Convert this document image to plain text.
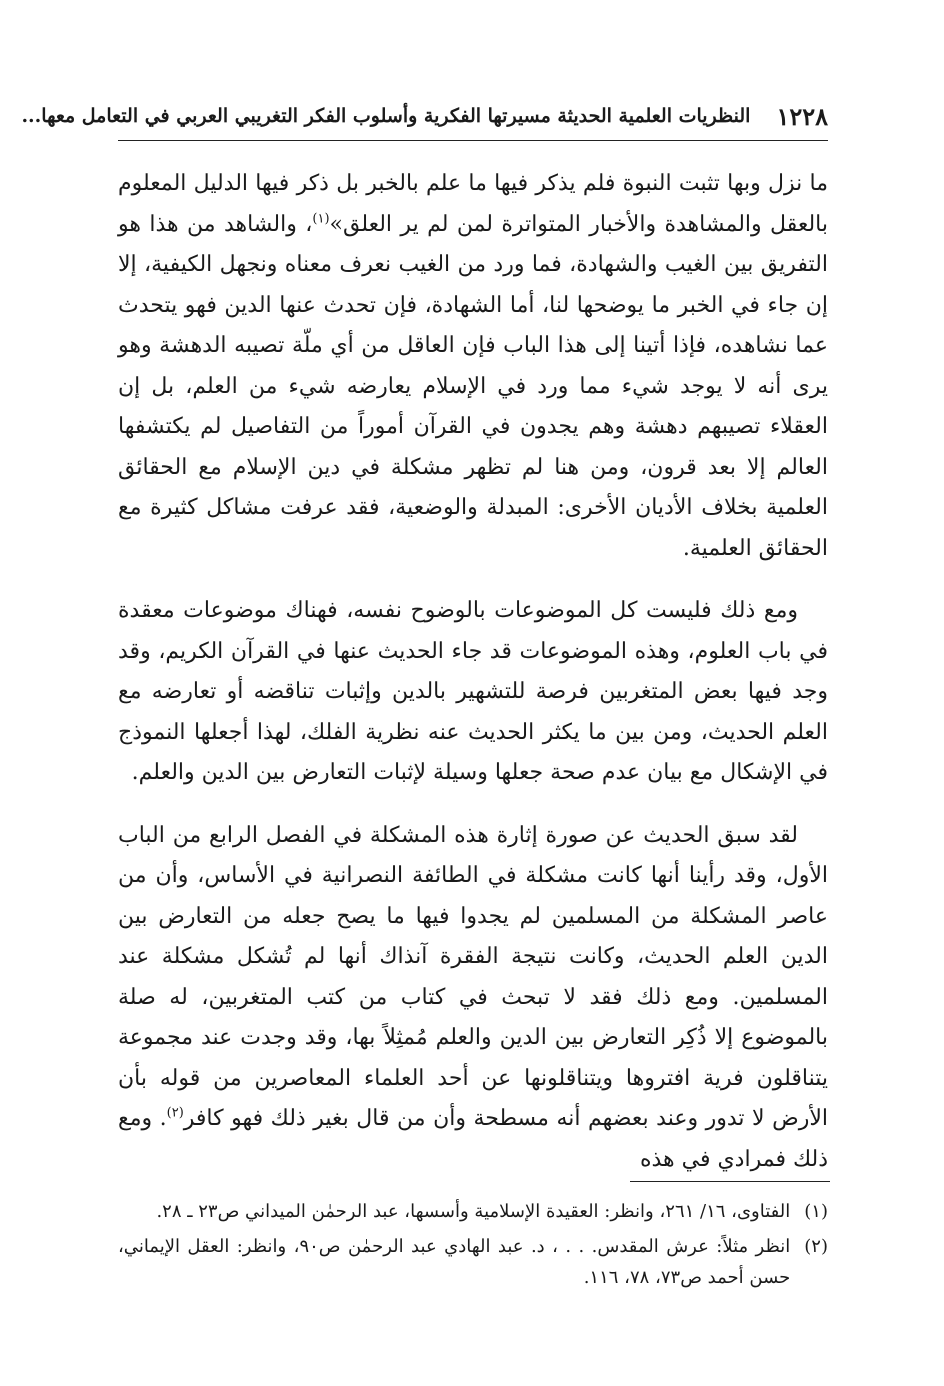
١٢٢٨
النظريات العلمية الحديثة مسيرتها الفكرية وأسلوب الفكر التغريبي العربي في التعامل معها...

ما نزل وبها تثبت النبوة فلم يذكر فيها ما علم بالخبر بل ذكر فيها الدليل المعلوم بالعقل والمشاهدة والأخبار المتواترة لمن لم ير العلق»$^{(١)}$، والشاهد من هذا هو التفريق بين الغيب والشهادة، فما ورد من الغيب نعرف معناه ونجهل الكيفية، إلا إن جاء في الخبر ما يوضحها لنا، أما الشهادة، فإن تحدث عنها الدين فهو يتحدث عما نشاهده، فإذا أتينا إلى هذا الباب فإن العاقل من أي ملّة تصيبه الدهشة وهو يرى أنه لا يوجد شيء مما ورد في الإسلام يعارضه شيء من العلم، بل إن العقلاء تصيبهم دهشة وهم يجدون في القرآن أموراً من التفاصيل لم يكتشفها العالم إلا بعد قرون، ومن هنا لم تظهر مشكلة في دين الإسلام مع الحقائق العلمية بخلاف الأديان الأخرى: المبدلة والوضعية، فقد عرفت مشاكل كثيرة مع الحقائق العلمية.

ومع ذلك فليست كل الموضوعات بالوضوح نفسه، فهناك موضوعات معقدة في باب العلوم، وهذه الموضوعات قد جاء الحديث عنها في القرآن الكريم، وقد وجد فيها بعض المتغربين فرصة للتشهير بالدين وإثبات تناقضه أو تعارضه مع العلم الحديث، ومن بين ما يكثر الحديث عنه نظرية الفلك، لهذا أجعلها النموذج في الإشكال مع بيان عدم صحة جعلها وسيلة لإثبات التعارض بين الدين والعلم.

لقد سبق الحديث عن صورة إثارة هذه المشكلة في الفصل الرابع من الباب الأول، وقد رأينا أنها كانت مشكلة في الطائفة النصرانية في الأساس، وأن من عاصر المشكلة من المسلمين لم يجدوا فيها ما يصح جعله من التعارض بين الدين العلم الحديث، وكانت نتيجة الفقرة آنذاك أنها لم تُشكل مشكلة عند المسلمين. ومع ذلك فقد لا تبحث في كتاب من كتب المتغربين، له صلة بالموضوع إلا ذُكِر التعارض بين الدين والعلم مُمثِلاً بها، وقد وجدت عند مجموعة يتناقلون فرية افتروها ويتناقلونها عن أحد العلماء المعاصرين من قوله بأن الأرض لا تدور وعند بعضهم أنه مسطحة وأن من قال بغير ذلك فهو كافر$^{(٢)}$. ومع ذلك فمرادي في هذه

(١)
الفتاوى، ١٦/ ٢٦١، وانظر: العقيدة الإسلامية وأسسها، عبد الرحمٰن الميداني ص٢٣ ـ ٢٨.
(٢)
انظر مثلاً: عرش المقدس. . . ، د. عبد الهادي عبد الرحمٰن ص٩٠، وانظر: العقل الإيماني، حسن أحمد ص٧٣، ٧٨، ١١٦.
